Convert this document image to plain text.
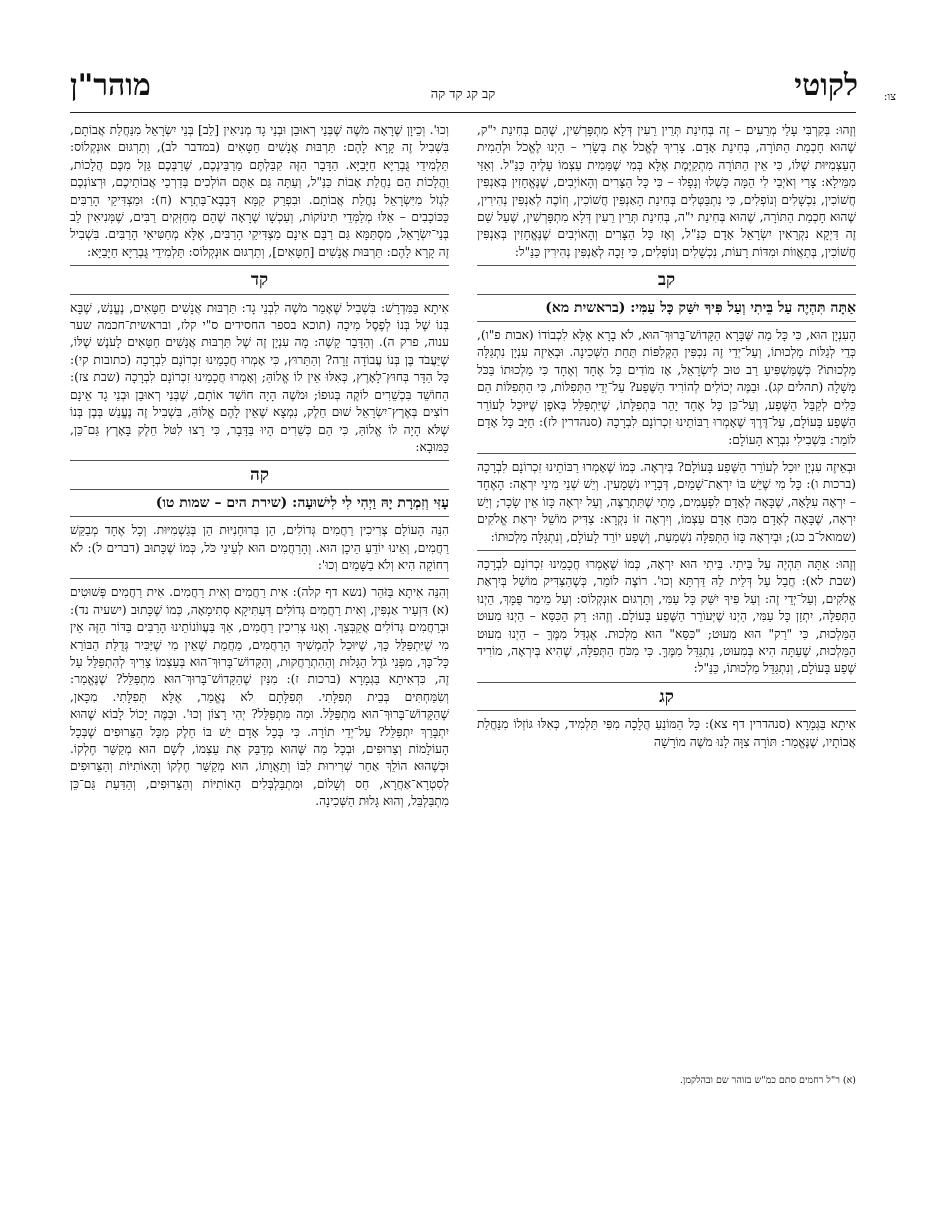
צו:
לקוטי
קב קג קד קה
מוהר"ן

וְזֶהוּ: בְּקִרְבִּי עָלַי מְרֵעִים – זֶה בְּחִינַת תְּרֵין רֵעִין דְּלָא מִתְפָּרְשִׁין, שֶׁהֵם בְּחִינַת י"ק, שֶׁהוּא חָכְמַת הַתּוֹרָה, בְּחִינַת אָדָם. צָרִיךְ לֶאֱכֹל אֶת בְּשָׂרִי – הַיְנוּ לֶאֱכֹל וּלְהַמִית הָעַצְמִיּוּת שֶׁלּוֹ, כִּי אֵין הַתּוֹרָה מִתְקַיֶּמֶת אֶלָּא בְּמִי שֶׁמֵּמִית עַצְמוֹ עָלֶיהָ כַּנַּ"ל. וְאַזַּי מִמֵּילָא: צָרַי וְאֹיְבַי לִי הֵמָּה כָּשְׁלוּ וְנָפָלוּ – כִּי כָּל הַצָּרִים וְהָאוֹיְבִים, שֶׁנֶּאֱחָזִין בְּאַנְפִּין חֲשׁוֹכִין, נִכְשָׁלִים וְנוֹפְלִים, כִּי נִתְבַּטְּלִים בְּחִינַת הָאַנְפִּין חֲשׁוֹכִין, וְזוֹכֶה לְאַנְפִּין נְהִירִין, שֶׁהוּא חָכְמַת הַתּוֹרָה, שֶׁהוּא בְּחִינַת י"ה, בְּחִינַת תְּרֵין רֵעִין דְּלָא מִתְפָּרְשִׁין, שֶׁעַל שֵׁם זֶה דַּיְקָא נִקְרָאִין יִשְׂרָאֵל אָדָם כַּנַּ"ל, וְאָז כָּל הַצָּרִים וְהָאוֹיְבִים שֶׁנֶּאֱחָזִין בְּאַנְפִּין חֲשׁוֹכִין, בְּתַאֲווֹת וּמִדּוֹת רָעוֹת, נִכְשָׁלִים וְנוֹפְלִים, כִּי זָכָה לְאַנְפִּין נְהִירִין כַּנַּ"ל:

קב

אַתָּה תִּהְיֶה עַל בֵּיתִי וְעַל פִּיךָ יִשַּׁק כָּל עַמִּי: (בראשית מא)

הָעִנְיָן הוּא, כִּי כָּל מַה שֶּׁבָּרָא הַקָּדוֹשׁ־בָּרוּךְ־הוּא, לֹא בָרָא אֶלָּא לִכְבוֹדוֹ (אבות פ"ו), כְּדֵי לְגַלּוֹת מַלְכוּתוֹ, וְעַל־יְדֵי זֶה נִכְפִּין הַקְּלִפּוֹת תַּחַת הַשְּׁכִינָה. וּבְאֵיזֶה עִנְיָן נִתְגַּלָּה מַלְכוּתוֹ? כְּשֶׁמַּשְׁפִּיעַ רַב טוּב לְיִשְׂרָאֵל, אָז מוֹדִים כָּל אֶחָד וְאֶחָד כִּי מַלְכוּתוֹ בַּכֹּל מָשָׁלָה (תהלים קג). וּבַמֶּה יְכוֹלִים לְהוֹרִיד הַשֶּׁפַע? עַל־יְדֵי הַתְּפִלּוֹת, כִּי הַתְּפִלּוֹת הֵם כֵּלִים לְקַבֵּל הַשֶּׁפַע, וְעַל־כֵּן כָּל אֶחָד יָהֵר בִּתְפִלָּתוֹ, שֶׁיִּתְפַּלֵּל בְּאֹפֶן שֶׁיּוּכַל לְעוֹרֵר הַשֶּׁפַע בָּעוֹלָם, עַל־דֶּרֶךְ שֶׁאָמְרוּ רַבּוֹתֵינוּ זִכְרוֹנָם לִבְרָכָה (סנהדרין לז): חַיָּב כָּל אָדָם לוֹמַר: בִּשְׁבִילִי נִבְרָא הָעוֹלָם:

וּבְאֵיזֶה עִנְיָן יוּכַל לְעוֹרֵר הַשֶּׁפַע בָּעוֹלָם? בְּיִרְאָה. כְּמוֹ שֶׁאָמְרוּ רַבּוֹתֵינוּ זִכְרוֹנָם לִבְרָכָה (ברכות ו): כָּל מִי שֶׁיֵּשׁ בּוֹ יִרְאַת־שָׁמַיִם, דְּבָרָיו נִשְׁמָעִין. וְיֵשׁ שְׁנֵי מִינֵי יִרְאָה: הָאֶחָד – יִרְאָה עִלָּאָה, שֶׁבָּאָה לְאָדָם לִפְעָמִים, מָתַי שֶׁתִּתְרַצֶּה, וְעַל יִרְאָה כָּזוֹ אֵין שָׂכָר; וְיֵשׁ יִרְאָה, שֶׁבָּאָה לְאָדָם מִכֹּחַ אָדָם עַצְמוֹ, וְיִרְאָה זוֹ נִקְרָא: צַדִּיק מוֹשֵׁל יִרְאַת אֱלֹקִים (שמואל־ב כג); וּבְיִרְאָה כָּזוֹ הַתְּפִלָּה נִשְׁמַעַת, וְשֶׁפַע יוֹרֵד לָעוֹלָם, וְנִתְגַּלָּה מַלְכוּתוֹ:

וְזֶהוּ: אַתָּה תִּהְיֶה עַל בֵּיתִי. בֵּיתִי הוּא יִרְאָה, כְּמוֹ שֶׁאָמְרוּ חֲכָמֵינוּ זִכְרוֹנָם לִבְרָכָה (שבת לא): חֲבַל עַל דְּלֵית לֵהּ דַּרְתָּא וְכוּ'. רוֹצֶה לוֹמַר, כְּשֶׁהַצַּדִּיק מוֹשֵׁל בְּיִרְאַת אֱלֹקִים, וְעַל־יְדֵי זֶה: וְעַל פִּיךָ יִשַּׁק כָּל עַמִּי, וְתַרְגּוּם אוּנְקְלוֹס: וְעַל מֵימַר פֻּמָּךְ, הַיְנוּ הַתְּפִלָּה, יִתְזַן כָּל עַמִּי, הַיְנוּ שֶׁיְּעוֹרֵר הַשֶּׁפַע בָּעוֹלָם. וְזֶהוּ: רַק הַכִּסֵּא – הַיְנוּ מִעוּט הַמַּלְכוּת, כִּי "רַק" הוּא מִעוּט; "כִּסֵּא" הוּא מַלְכוּת. אֶגְדַּל מִמֶּךָּ – הַיְנוּ מִעוּט הַמַּלְכוּת, שֶׁעַתָּה הִיא בְּמִעוּט, נִתְגַּדֵּל מִמֶּךָּ. כִּי מִכֹּחַ הַתְּפִלָּה, שֶׁהִיא בְּיִרְאָה, מוֹרִיד שֶׁפַע בָּעוֹלָם, וְנִתְגַּדֵּל מַלְכוּתוֹ, כַּנַּ"ל:

קג

אִיתָא בַּגְּמָרָא (סנהדרין דף צא): כָּל הַמּוֹנֵעַ הֲלָכָה מִפִּי תַּלְמִיד, כְּאִלּוּ גּוֹזְלוֹ מִנַּחֲלַת אֲבוֹתָיו, שֶׁנֶּאֱמַר: תּוֹרָה צִוָּה לָנוּ מֹשֶׁה מוֹרָשָׁה

וְכוּ'. וְכֵיוָן שֶׁרָאָה מֹשֶׁה שֶׁבְּנֵי רְאוּבֵן וּבְנֵי גָד מְנִיאִין [לֵב] בְּנֵי יִשְׂרָאֵל מִנַּחֲלַת אֲבוֹתָם, בִּשְׁבִיל זֶה קָרָא לָהֶם: תַּרְבּוּת אֲנָשִׁים חַטָּאִים (במדבר לב), וְתַרְגּוּם אוּנְקְלוֹס: תַּלְמִידֵי גֻּבְרַיָּא חַיָּבַיָּא. הַדָּבָר הַזֶּה קִבַּלְתֶּם מֵרַבֵּינְכֶם, שֶׁרַבְּכֶם גֵּזֶל מִכֶּם הֲלָכוֹת, וַהֲלָכוֹת הֵם נַחֲלַת אָבוֹת כַּנַּ"ל, וְעַתָּה גַּם אַתֶּם הוֹלְכִים בְּדַרְכֵי אֲבוֹתֵיכֶם, וּרְצוֹנְכֶם לִגְזֹל מִיִּשְׂרָאֵל נַחֲלַת אֲבוֹתָם. וּבִפְרַק קַמָּא דְּבָבָא־בַּתְרָא (ח): וּמַצְדִּיקֵי הָרַבִּים כַּכּוֹכָבִים – אֵלּוּ מְלַמְּדֵי תִינוֹקוֹת, וְעַכְשָׁו שֶׁרָאָה שֶׁהֵם מְחַזְּקִים רַבִּים, שֶׁמְּנִיאִין לֵב בְּנֵי־יִשְׂרָאֵל, מִסְתַּמָּא גַּם רַבָּם אֵינָם מַצְדִּיקֵי הָרַבִּים, אֶלָּא מְחַטִּיאֵי הָרַבִּים. בִּשְׁבִיל זֶה קָרָא לָהֶם: תַּרְבּוּת אֲנָשִׁים [חַטָּאִים], וְתַרְגּוּם אוּנְקְלוֹס: תַּלְמִידֵי גֻּבְרַיָּא חַיָּבַיָּא:

קד

אִיתָא בַּמִּדְרָשׁ: בִּשְׁבִיל שֶׁאָמַר מֹשֶׁה לִבְנֵי גָד: תַּרְבּוּת אֲנָשִׁים חַטָּאִים, נֶעֱנַשׁ, שֶׁבָּא בְּנוֹ שֶׁל בְּנוֹ לְפֶסֶל מִיכָה (תוכא בספר החסידים ס"י קלז, ובראשית־חכמה שער ענוה, פרק ה). וְהַדָּבָר קָשֶׁה: מָה עִנְיָן זֶה שֶׁל תַּרְבּוּת אֲנָשִׁים חַטָּאִים לָעֹנֶשׁ שֶׁלּוֹ, שֶׁיַּעֲבֹד בֶּן בְּנוֹ עֲבוֹדָה זָרָה? וְהַתֵּרוּץ, כִּי אָמְרוּ חֲכָמֵינוּ זִכְרוֹנָם לִבְרָכָה (כתובות קי): כָּל הַדָּר בְּחוּץ־לָאָרֶץ, כְּאִלּוּ אֵין לוֹ אֱלוֹהַּ; וְאָמְרוּ חֲכָמֵינוּ זִכְרוֹנָם לִבְרָכָה (שבת צז): הַחוֹשֵׁד בִּכְשֵׁרִים לוֹקֶה בְּגוּפוֹ; וּמֹשֶׁה הָיָה חוֹשֵׁד אוֹתָם, שֶׁבְּנֵי רְאוּבֵן וּבְנֵי גָד אֵינָם רוֹצִים בְּאֶרֶץ־יִשְׂרָאֵל שׁוּם חֵלֶק, נִמְצָא שֶׁאֵין לָהֶם אֱלוֹהַּ, בִּשְׁבִיל זֶה נֶעֱנַשׁ בְּבֶן בְּנוֹ שֶׁלֹּא הָיָה לוֹ אֱלוֹהַּ, כִּי הֵם כְּשֵׁרִים הָיוּ בַּדָּבָר, כִּי רָצוּ לִטֹּל חֵלֶק בָּאָרֶץ גַּם־כֵּן, כַּמּוּבָא:

קה

עָזִּי וְזִמְרָת יָהּ וַיְהִי לִי לִישׁוּעָה: (שירת הים – שמות טו)

הִנֵּה הָעוֹלָם צְרִיכִין רַחֲמִים גְּדוֹלִים, הֵן בְּרוּחָנִיּוּת הֵן בְּגַשְׁמִיּוּת. וְכָל אֶחָד מְבַקֵּשׁ רַחֲמִים, וְאֵינוּ יוֹדֵעַ הֵיכָן הוּא. וְהָרַחֲמִים הוּא לְעֵינֵי כֹּל, כְּמוֹ שֶׁכָּתוּב (דברים ל): לֹא רְחוֹקָה הִיא וְלֹא בַשָּׁמַיִם וְכוּ':

וְהִנֵּה אִיתָא בַּזֹּהַר (נשא דף קלה): אִית רַחֲמִים וְאִית רַחֲמִים. אִית רַחֲמִים פְּשׁוּטִים (א) דִּזְעֵיר אַנְפִּין, וְאִית רַחֲמִים גְּדוֹלִים דְּעַתִּיקָא סְתִימָאָה, כְּמוֹ שֶׁכָּתוּב (ישעיה נד): וּבְרַחֲמִים גְּדוֹלִים אֲקַבְּצֵךְ. וְאָנוּ צְרִיכִין רַחֲמִים, אַךְ בַּעֲווֹנוֹתֵינוּ הָרַבִּים בַּדּוֹר הַזֶּה אֵין מִי שֶׁיִּתְפַּלֵּל כָּךְ, שֶׁיּוּכַל לְהַמְשִׁיךְ הָרַחֲמִים, מֵחֲמַת שֶׁאֵין מִי שֶׁיַּכִּיר גְּדֻלַּת הַבּוֹרֵא כָּל־כָּךְ, מִפְּנֵי גֹּדֶל הַגָּלוּת וְהַהִתְרַחֲקוּת, וְהַקָּדוֹשׁ־בָּרוּךְ־הוּא בְּעַצְמוֹ צָרִיךְ לְהִתְפַּלֵּל עַל זֶה, כִּדְאִיתָא בַּגְּמָרָא (ברכות ז): מִנַּיִן שֶׁהַקָּדוֹשׁ־בָּרוּךְ־הוּא מִתְפַּלֵּל? שֶׁנֶּאֱמַר: וְשִׂמַּחְתִּים בְּבֵית תְּפִלָּתִי. תְּפִלָּתָם לֹא נֶאֱמַר, אֶלָּא תְּפִלָּתִי. מִכָּאן, שֶׁהַקָּדוֹשׁ־בָּרוּךְ־הוּא מִתְפַּלֵּל. וּמַה מִּתְפַּלֵּל? יְהִי רָצוֹן וְכוּ'. וּבַמֶּה יָכוֹל לָבוֹא שֶׁהוּא יִתְבָּרַךְ יִתְפַּלֵּל? עַל־יְדֵי תוֹרָה. כִּי בְּכָל אָדָם יֵשׁ בּוֹ חֵלֶק מִכָּל הַצֵּרוּפִים שֶׁבְּכָל הָעוֹלָמוֹת וְצֵרוּפִים, וּבְכָל מַה שֶּׁהוּא מְדַבֵּק אֶת עַצְמוֹ, לְשָׁם הוּא מְקַשֵּׁר חֶלְקוֹ. וּכְשֶׁהוּא הוֹלֵךְ אַחַר שְׁרִירוּת לִבּוֹ וְתַאֲוָתוֹ, הוּא מְקַשֵּׁר חֶלְקוֹ וְהָאוֹתִיּוֹת וְהַצֵּרוּפִים לְסִטְרָא־אַחֲרָא, חַס וְשָׁלוֹם, וּמִתְבַּלְבְּלִים הָאוֹתִיּוֹת וְהַצֵּרוּפִים, וְהַדַּעַת גַּם־כֵּן מִתְבַּלְבֵּל, וְהוּא גָּלוּת הַשְּׁכִינָה.

(א) ר"ל רחמים סתם כמ"ש בזוהר שם ובהלקמן.
